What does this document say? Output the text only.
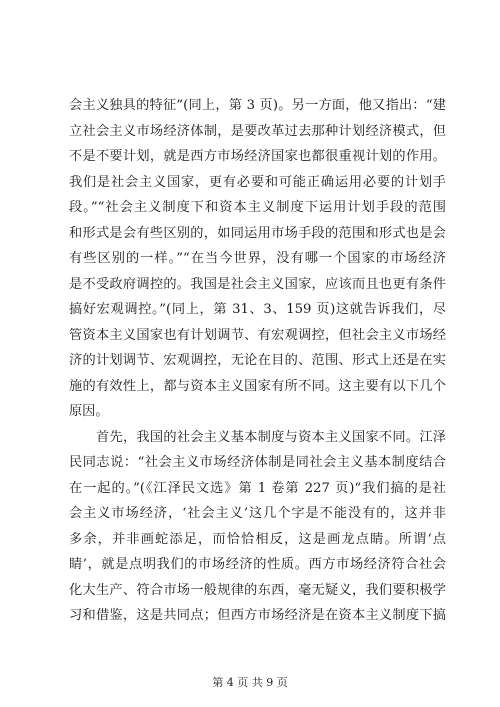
会主义独具的特征”(同上，第 3 页)。另一方面，他又指出：“建
立社会主义市场经济体制，是要改革过去那种计划经济模式，但
不是不要计划，就是西方市场经济国家也都很重视计划的作用。
我们是社会主义国家，更有必要和可能正确运用必要的计划手
段。”“社会主义制度下和资本主义制度下运用计划手段的范围
和形式是会有些区别的，如同运用市场手段的范围和形式也是会
有些区别的一样。”“在当今世界，没有哪一个国家的市场经济
是不受政府调控的。我国是社会主义国家，应该而且也更有条件
搞好宏观调控。”(同上，第 31、3、159 页)这就告诉我们，尽
管资本主义国家也有计划调节、有宏观调控，但社会主义市场经
济的计划调节、宏观调控，无论在目的、范围、形式上还是在实
施的有效性上，都与资本主义国家有所不同。这主要有以下几个
原因。
首先，我国的社会主义基本制度与资本主义国家不同。江泽
民同志说：“社会主义市场经济体制是同社会主义基本制度结合
在一起的。”(《江泽民文选》第 1 卷第 227 页)“我们搞的是社
会主义市场经济，‘社会主义’这几个字是不能没有的，这并非
多余，并非画蛇添足，而恰恰相反，这是画龙点睛。所谓‘点
睛’，就是点明我们的市场经济的性质。西方市场经济符合社会
化大生产、符合市场一般规律的东西，毫无疑义，我们要积极学
习和借鉴，这是共同点；但西方市场经济是在资本主义制度下搞
第 4 页 共 9 页
